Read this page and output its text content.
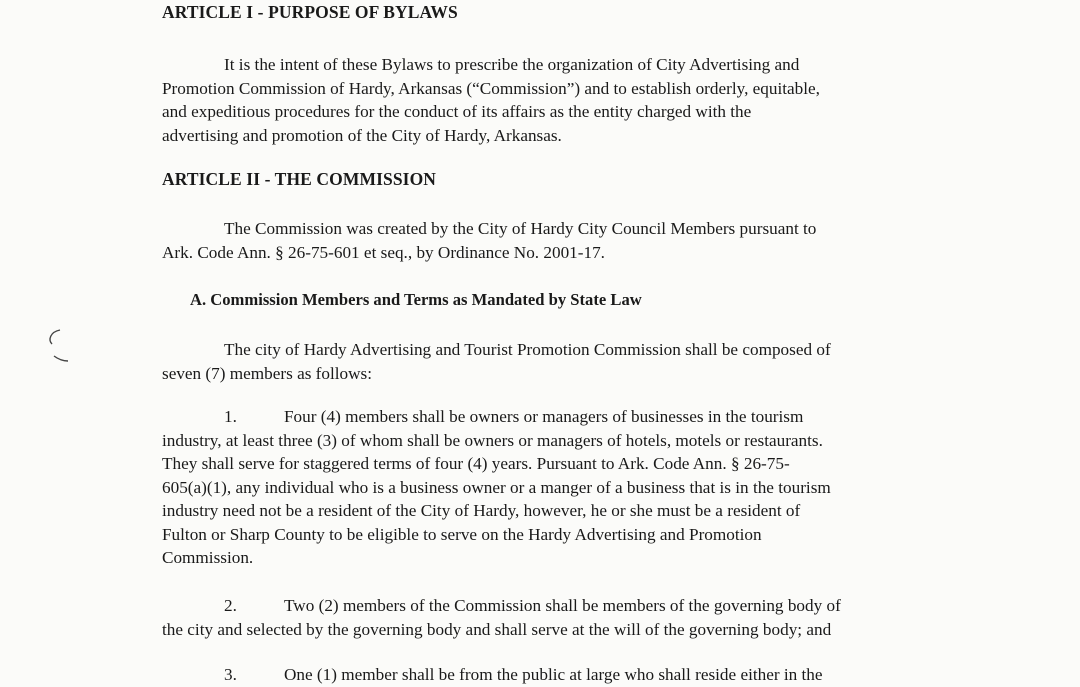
ARTICLE I - PURPOSE OF BYLAWS

It is the intent of these Bylaws to prescribe the organization of City Advertising and
Promotion Commission of Hardy, Arkansas (“Commission”) and to establish orderly, equitable,
and expeditious procedures for the conduct of its affairs as the entity charged with the
advertising and promotion of the City of Hardy, Arkansas.

ARTICLE II - THE COMMISSION

The Commission was created by the City of Hardy City Council Members pursuant to
Ark. Code Ann. § 26-75-601 et seq., by Ordinance No. 2001-17.

A. Commission Members and Terms as Mandated by State Law

The city of Hardy Advertising and Tourist Promotion Commission shall be composed of
seven (7) members as follows:

1.	Four (4) members shall be owners or managers of businesses in the tourism
industry, at least three (3) of whom shall be owners or managers of hotels, motels or restaurants.
They shall serve for staggered terms of four (4) years. Pursuant to Ark. Code Ann. § 26-75-
605(a)(1), any individual who is a business owner or a manger of a business that is in the tourism
industry need not be a resident of the City of Hardy, however, he or she must be a resident of
Fulton or Sharp County to be eligible to serve on the Hardy Advertising and Promotion
Commission.

2.	Two (2) members of the Commission shall be members of the governing body of
the city and selected by the governing body and shall serve at the will of the governing body; and

3.	One (1) member shall be from the public at large who shall reside either in the
